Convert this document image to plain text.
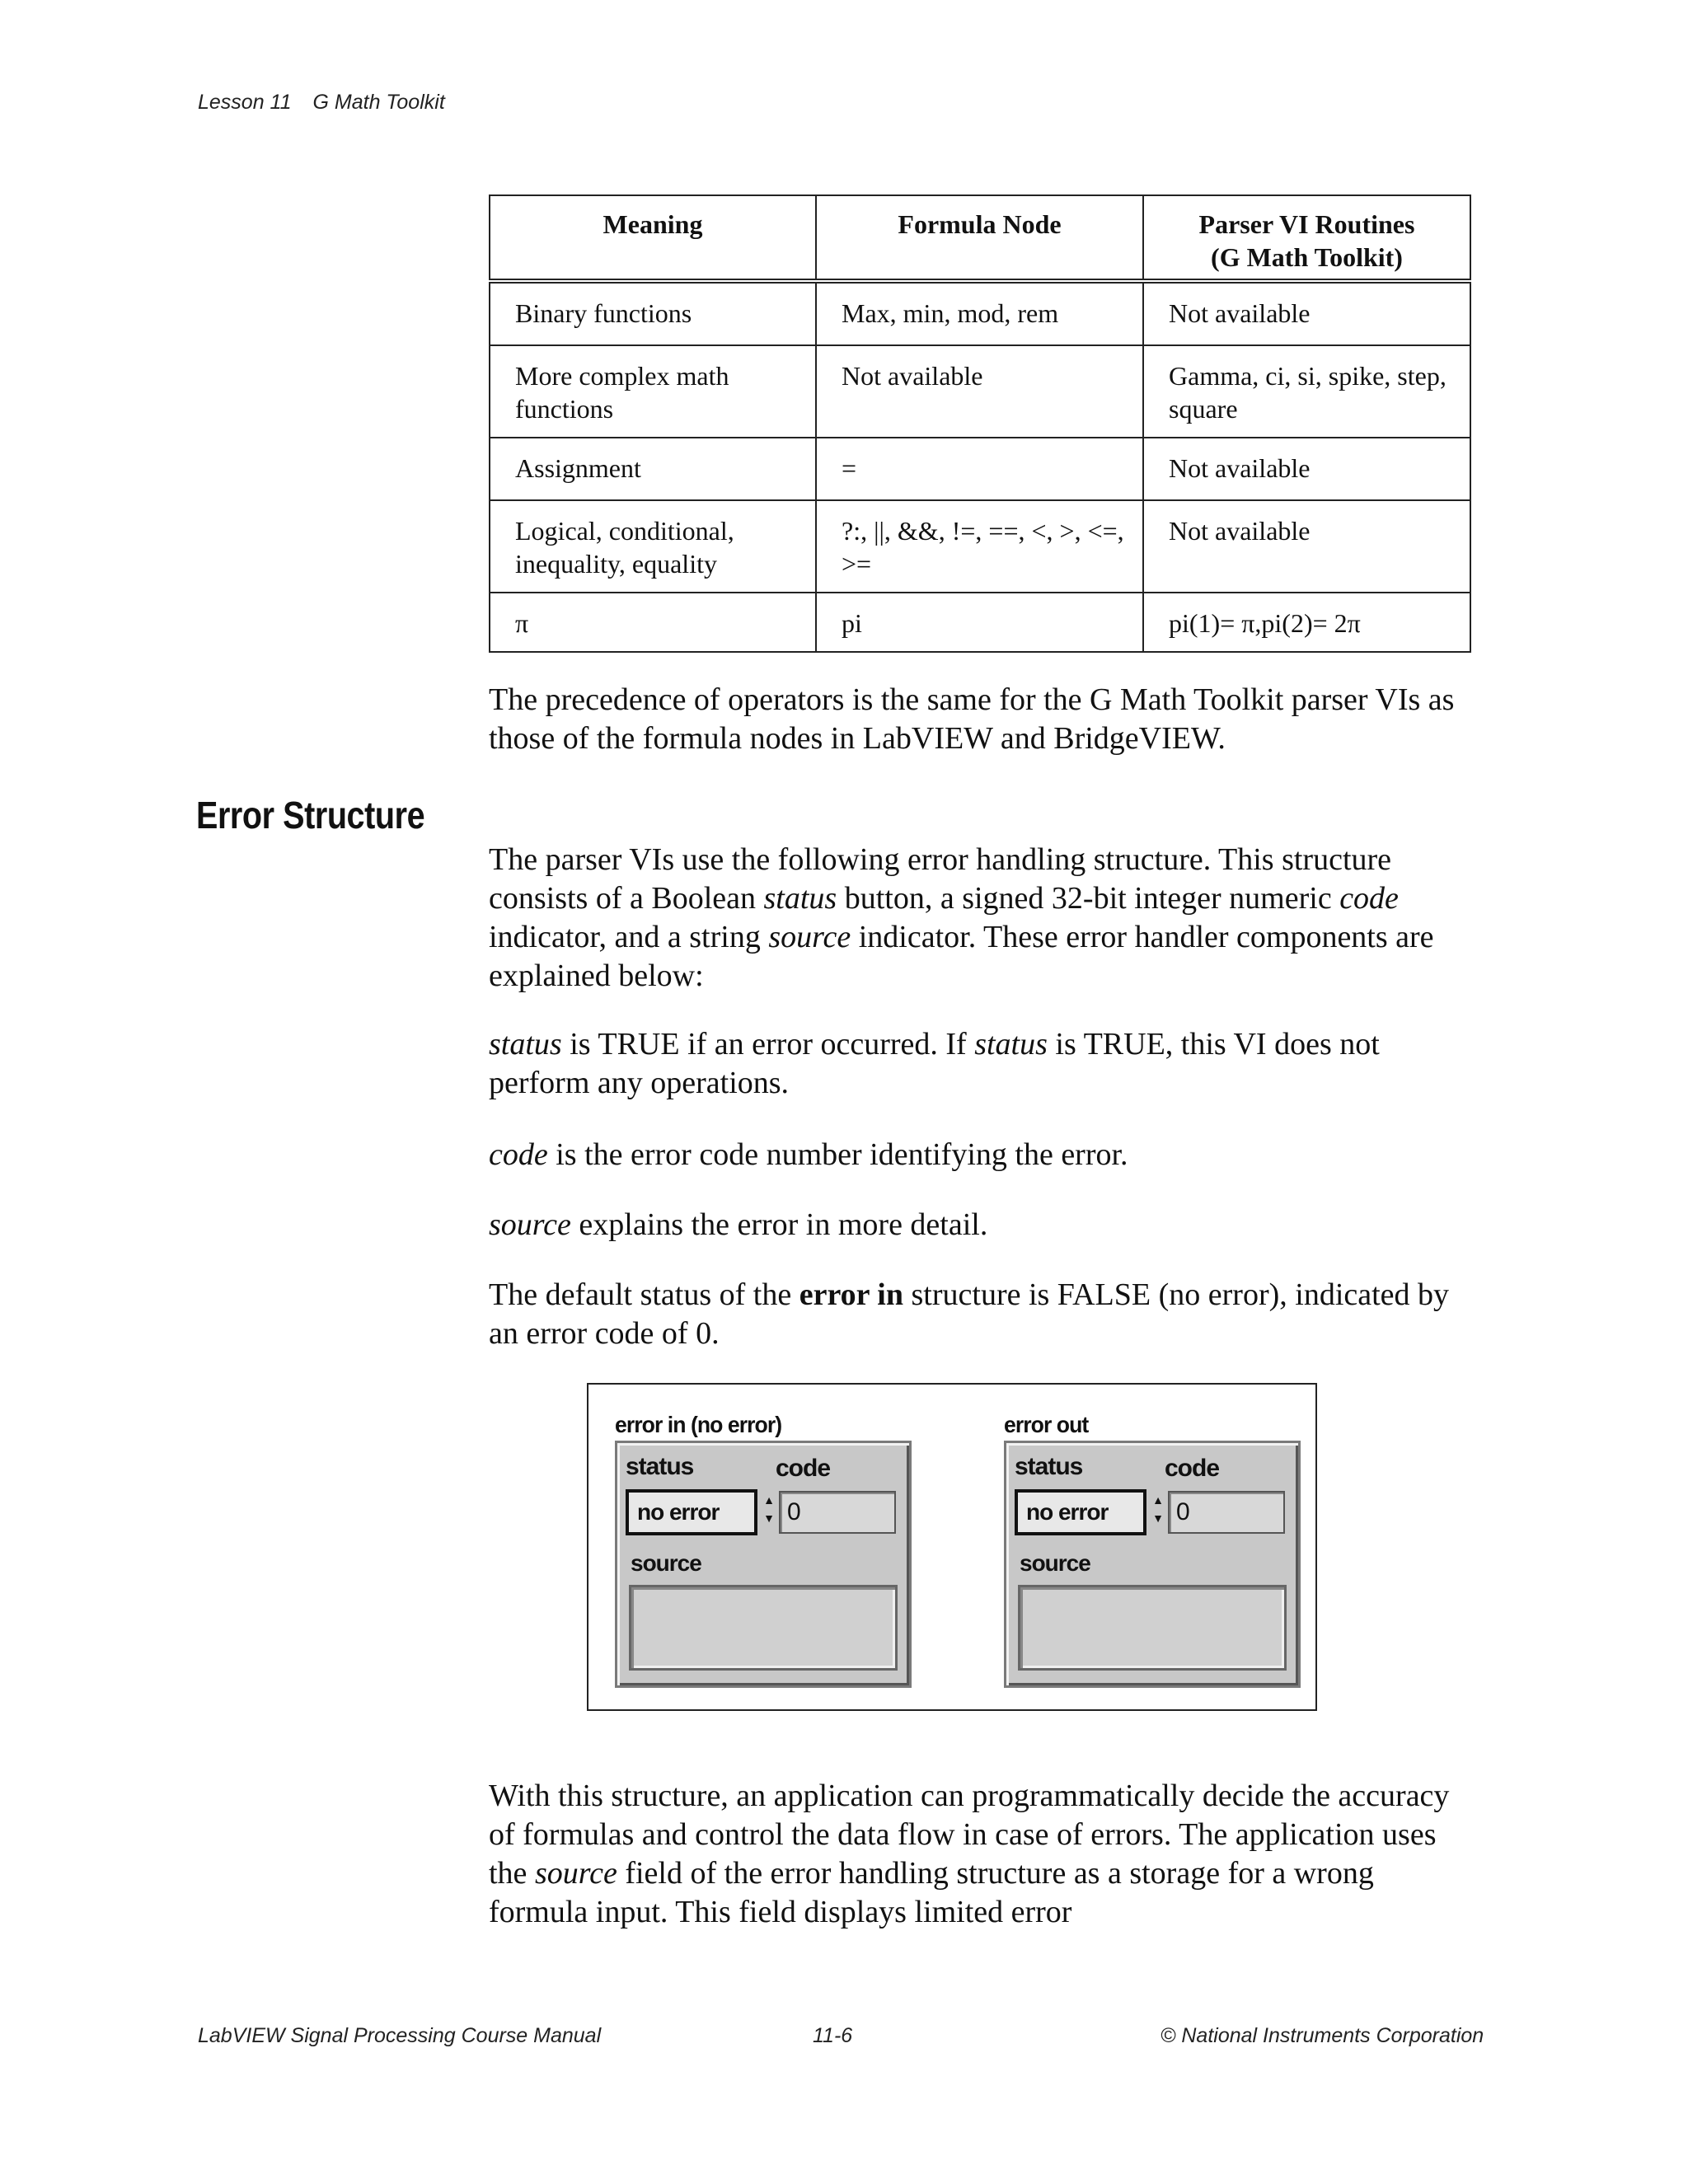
Lesson 11 G Math Toolkit
Meaning	Formula Node	Parser VI Routines
(G Math Toolkit)
Binary functions	Max, min, mod, rem	Not available
More complex math functions	Not available	Gamma, ci, si, spike, step, square
Assignment	=	Not available
Logical, conditional, inequality, equality	?:, ||, &&, !=, ==, <, >, <=, >=	Not available
π	pi	pi(1)= π,pi(2)= 2π

The precedence of operators is the same for the G Math Toolkit parser VIs as those of the formula nodes in LabVIEW and BridgeVIEW.

Error Structure

The parser VIs use the following error handling structure. This structure consists of a Boolean status button, a signed 32-bit integer numeric code indicator, and a string source indicator. These error handler components are explained below:

status is TRUE if an error occurred. If status is TRUE, this VI does not perform any operations.

code is the error code number identifying the error.

source explains the error in more detail.

The default status of the error in structure is FALSE (no error), indicated by an error code of 0.

error in (no error)
status	code
no error	▲
▼ 0
source
error out
status	code
no error	▲
▼ 0
source

With this structure, an application can programmatically decide the accuracy of formulas and control the data flow in case of errors. The application uses the source field of the error handling structure as a storage for a wrong formula input. This field displays limited error

LabVIEW Signal Processing Course Manual	11-6	© National Instruments Corporation
